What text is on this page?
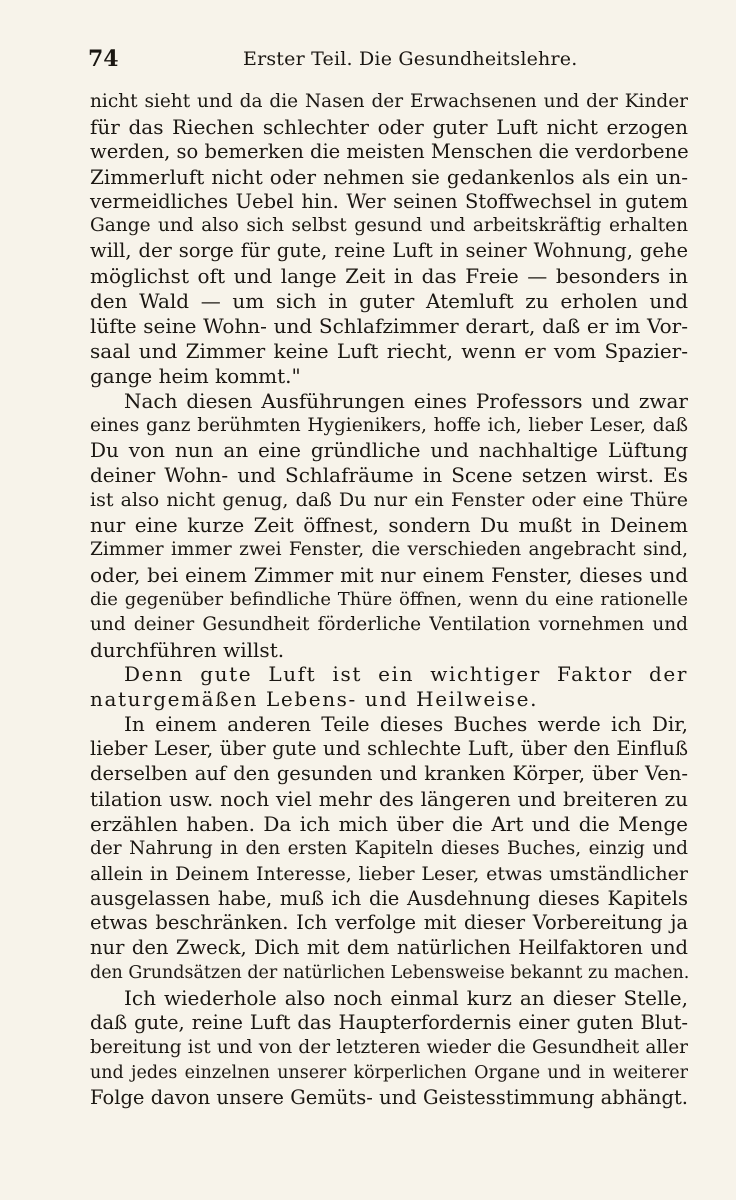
74	Erster Teil. Die Gesundheitslehre.
nicht sieht und da die Nasen der Erwachsenen und der Kinder
für das Riechen schlechter oder guter Luft nicht erzogen
werden, so bemerken die meisten Menschen die verdorbene
Zimmerluft nicht oder nehmen sie gedankenlos als ein un-
vermeidliches Uebel hin. Wer seinen Stoffwechsel in gutem
Gange und also sich selbst gesund und arbeitskräftig erhalten
will, der sorge für gute, reine Luft in seiner Wohnung, gehe
möglichst oft und lange Zeit in das Freie — besonders in
den Wald — um sich in guter Atemluft zu erholen und
lüfte seine Wohn- und Schlafzimmer derart, daß er im Vor-
saal und Zimmer keine Luft riecht, wenn er vom Spazier-
gange heim kommt."
Nach diesen Ausführungen eines Professors und zwar
eines ganz berühmten Hygienikers, hoffe ich, lieber Leser, daß
Du von nun an eine gründliche und nachhaltige Lüftung
deiner Wohn- und Schlafräume in Scene setzen wirst. Es
ist also nicht genug, daß Du nur ein Fenster oder eine Thüre
nur eine kurze Zeit öffnest, sondern Du mußt in Deinem
Zimmer immer zwei Fenster, die verschieden angebracht sind,
oder, bei einem Zimmer mit nur einem Fenster, dieses und
die gegenüber befindliche Thüre öffnen, wenn du eine rationelle
und deiner Gesundheit förderliche Ventilation vornehmen und
durchführen willst.
Denn gute Luft ist ein wichtiger Faktor der
naturgemäßen Lebens- und Heilweise.
In einem anderen Teile dieses Buches werde ich Dir,
lieber Leser, über gute und schlechte Luft, über den Einfluß
derselben auf den gesunden und kranken Körper, über Ven-
tilation usw. noch viel mehr des längeren und breiteren zu
erzählen haben. Da ich mich über die Art und die Menge
der Nahrung in den ersten Kapiteln dieses Buches, einzig und
allein in Deinem Interesse, lieber Leser, etwas umständlicher
ausgelassen habe, muß ich die Ausdehnung dieses Kapitels
etwas beschränken. Ich verfolge mit dieser Vorbereitung ja
nur den Zweck, Dich mit dem natürlichen Heilfaktoren und
den Grundsätzen der natürlichen Lebensweise bekannt zu machen.
Ich wiederhole also noch einmal kurz an dieser Stelle,
daß gute, reine Luft das Haupterfordernis einer guten Blut-
bereitung ist und von der letzteren wieder die Gesundheit aller
und jedes einzelnen unserer körperlichen Organe und in weiterer
Folge davon unsere Gemüts- und Geistesstimmung abhängt.
